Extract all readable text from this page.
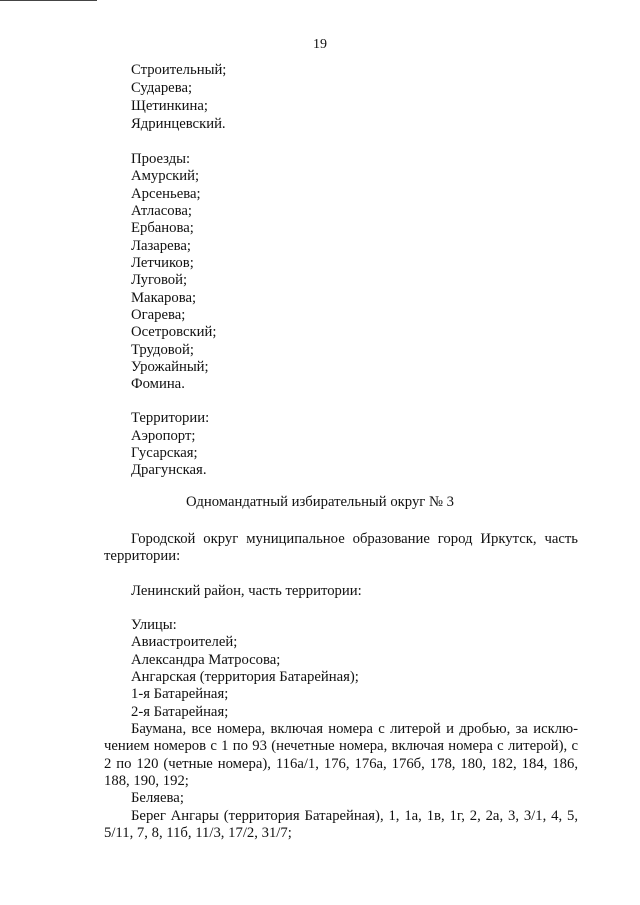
19
Строительный;
Сударева;
Щетинкина;
Ядринцевский.
Проезды:
Амурский;
Арсеньева;
Атласова;
Ербанова;
Лазарева;
Летчиков;
Луговой;
Макарова;
Огарева;
Осетровский;
Трудовой;
Урожайный;
Фомина.
Территории:
Аэропорт;
Гусарская;
Драгунская.
Одномандатный избирательный округ № 3
Городской округ муниципальное образование город Иркутск, часть
территории:
Ленинский район, часть территории:
Улицы:
Авиастроителей;
Александра Матросова;
Ангарская (территория Батарейная);
1-я Батарейная;
2-я Батарейная;
Баумана, все номера, включая номера с литерой и дробью, за исклю-
чением номеров с 1 по 93 (нечетные номера, включая номера с литерой), с
2 по 120 (четные номера), 116а/1, 176, 176а, 176б, 178, 180, 182, 184, 186,
188, 190, 192;
Беляева;
Берег Ангары (территория Батарейная), 1, 1а, 1в, 1г, 2, 2а, 3, 3/1, 4, 5,
5/11, 7, 8, 11б, 11/3, 17/2, 31/7;
